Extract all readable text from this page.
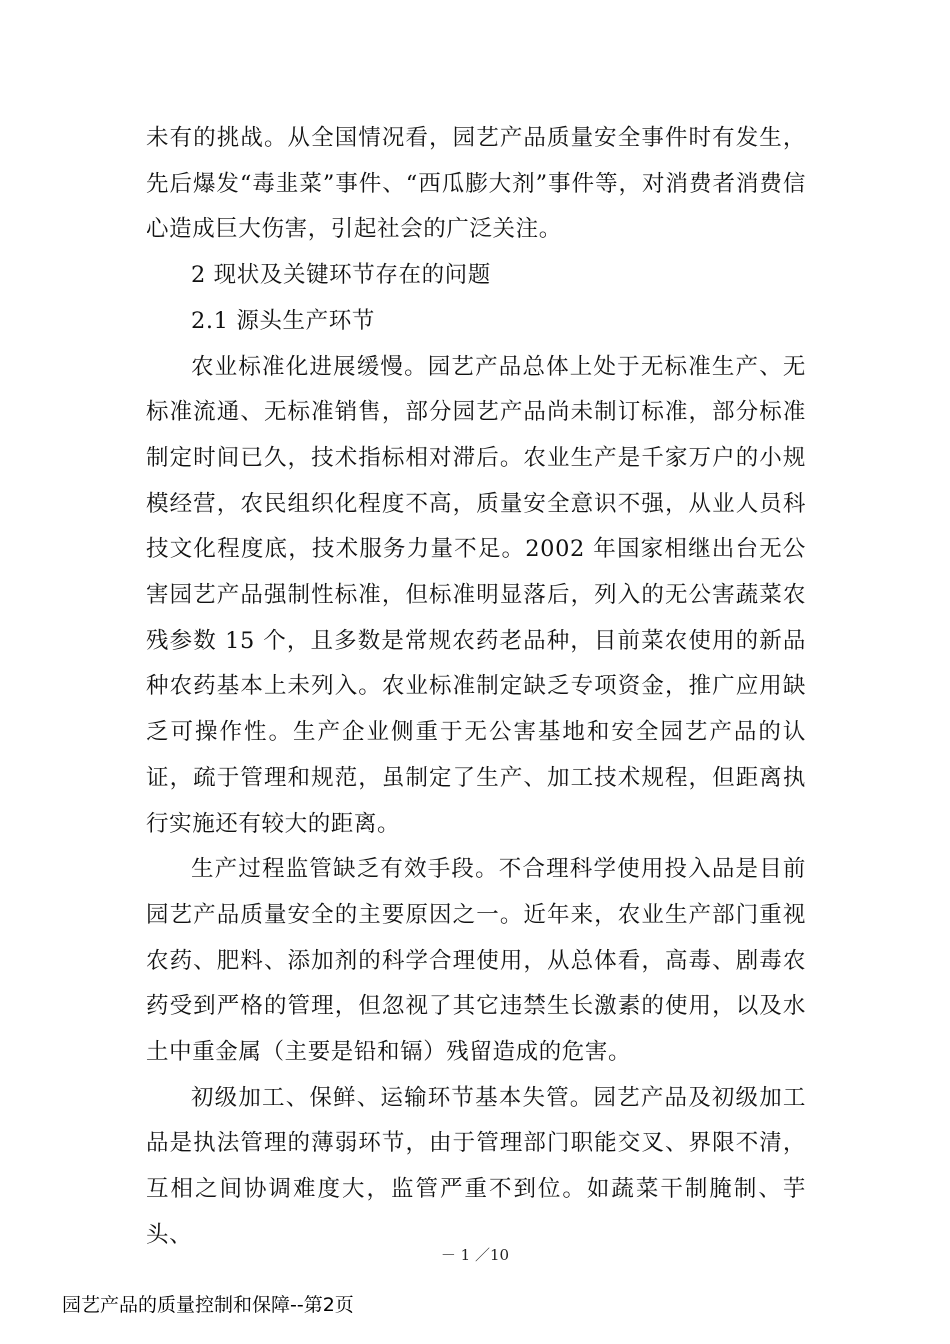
未有的挑战。从全国情况看，园艺产品质量安全事件时有发生，先后爆发“毒韭菜”事件、“西瓜膨大剂”事件等，对消费者消费信心造成巨大伤害，引起社会的广泛关注。

2 现状及关键环节存在的问题

2.1 源头生产环节

农业标准化进展缓慢。园艺产品总体上处于无标准生产、无标准流通、无标准销售，部分园艺产品尚未制订标准，部分标准制定时间已久，技术指标相对滞后。农业生产是千家万户的小规模经营，农民组织化程度不高，质量安全意识不强，从业人员科技文化程度底，技术服务力量不足。2002 年国家相继出台无公害园艺产品强制性标准，但标准明显落后，列入的无公害蔬菜农残参数 15 个，且多数是常规农药老品种，目前菜农使用的新品种农药基本上未列入。农业标准制定缺乏专项资金，推广应用缺乏可操作性。生产企业侧重于无公害基地和安全园艺产品的认证，疏于管理和规范，虽制定了生产、加工技术规程，但距离执行实施还有较大的距离。

生产过程监管缺乏有效手段。不合理科学使用投入品是目前园艺产品质量安全的主要原因之一。近年来，农业生产部门重视农药、肥料、添加剂的科学合理使用，从总体看，高毒、剧毒农药受到严格的管理，但忽视了其它违禁生长激素的使用，以及水土中重金属（主要是铅和镉）残留造成的危害。

初级加工、保鲜、运输环节基本失管。园艺产品及初级加工品是执法管理的薄弱环节，由于管理部门职能交叉、界限不清，互相之间协调难度大，监管严重不到位。如蔬菜干制腌制、芋头、

－ 1 ／10
园艺产品的质量控制和保障--第2页
